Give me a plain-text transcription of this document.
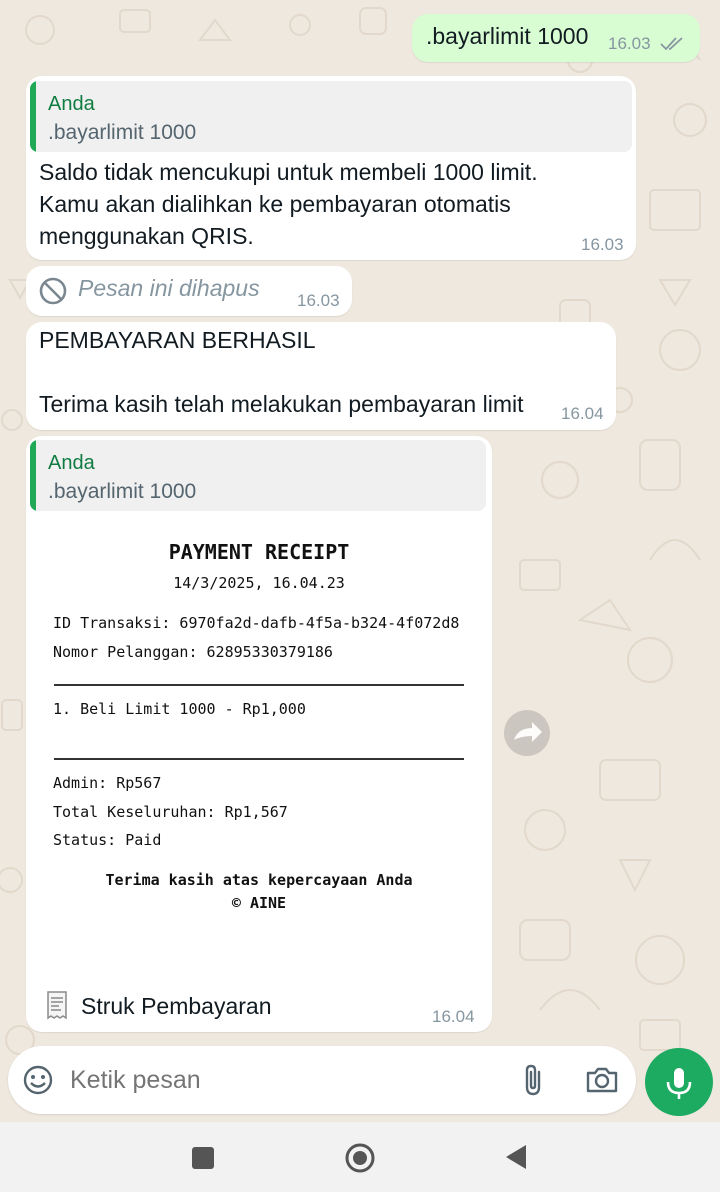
.bayarlimit 1000 16.03
Anda
.bayarlimit 1000
Saldo tidak mencukupi untuk membeli 1000 limit.
Kamu akan dialihkan ke pembayaran otomatis
menggunakan QRIS.	16.03
Pesan ini dihapus 16.03
PEMBAYARAN BERHASIL
Terima kasih telah melakukan pembayaran limit 16.04
Anda
.bayarlimit 1000
PAYMENT RECEIPT
14/3/2025, 16.04.23
ID Transaksi: 6970fa2d-dafb-4f5a-b324-4f072d8
Nomor Pelanggan: 62895330379186
1. Beli Limit 1000 - Rp1,000
Admin: Rp567
Total Keseluruhan: Rp1,567
Status: Paid
Terima kasih atas kepercayaan Anda
© AINE
Struk Pembayaran	16.04
Ketik pesan
